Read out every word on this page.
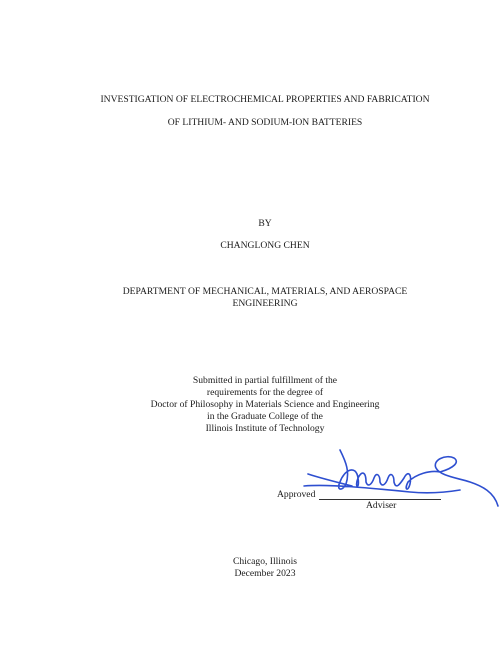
INVESTIGATION OF ELECTROCHEMICAL PROPERTIES AND FABRICATION
OF LITHIUM- AND SODIUM-ION BATTERIES
BY
CHANGLONG CHEN
DEPARTMENT OF MECHANICAL, MATERIALS, AND AEROSPACE
ENGINEERING
Submitted in partial fulfillment of the
requirements for the degree of
Doctor of Philosophy in Materials Science and Engineering
in the Graduate College of the
Illinois Institute of Technology
Approved
Adviser
Chicago, Illinois
December 2023
